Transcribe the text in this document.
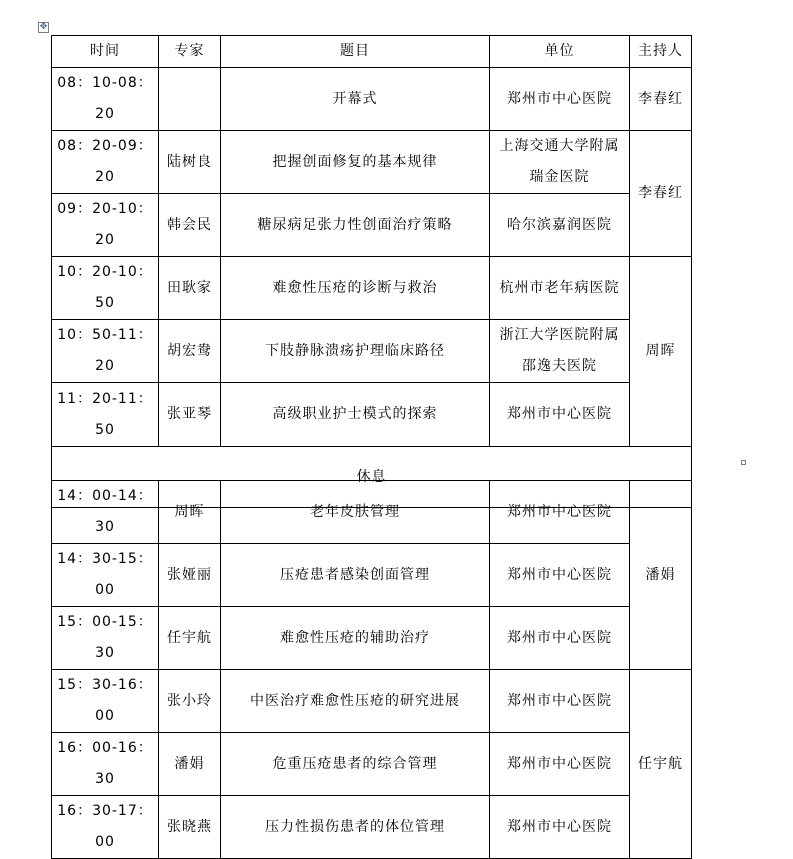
✥
时间	专家	题目	单位	主持人
08：10-08：20		开幕式	郑州市中心医院	李春红
08：20-09：20	陆树良	把握创面修复的基本规律	上海交通大学附属瑞金医院	李春红
09：20-10：20	韩会民	糖尿病足张力性创面治疗策略	哈尔滨嘉润医院	
10：20-10：50	田耿家	难愈性压疮的诊断与救治	杭州市老年病医院	周晖
10：50-11：20	胡宏鸯	下肢静脉溃疡护理临床路径	浙江大学医院附属邵逸夫医院	
11：20-11：50	张亚琴	高级职业护士模式的探索	郑州市中心医院	
休息				
14：00-14：30	周晖	老年皮肤管理	郑州市中心医院	潘娟
14：30-15：00	张娅丽	压疮患者感染创面管理	郑州市中心医院	
15：00-15：30	任宇航	难愈性压疮的辅助治疗	郑州市中心医院	
15：30-16：00	张小玲	中医治疗难愈性压疮的研究进展	郑州市中心医院	任宇航
16：00-16：30	潘娟	危重压疮患者的综合管理	郑州市中心医院	
16：30-17：00	张晓燕	压力性损伤患者的体位管理	郑州市中心医院	
